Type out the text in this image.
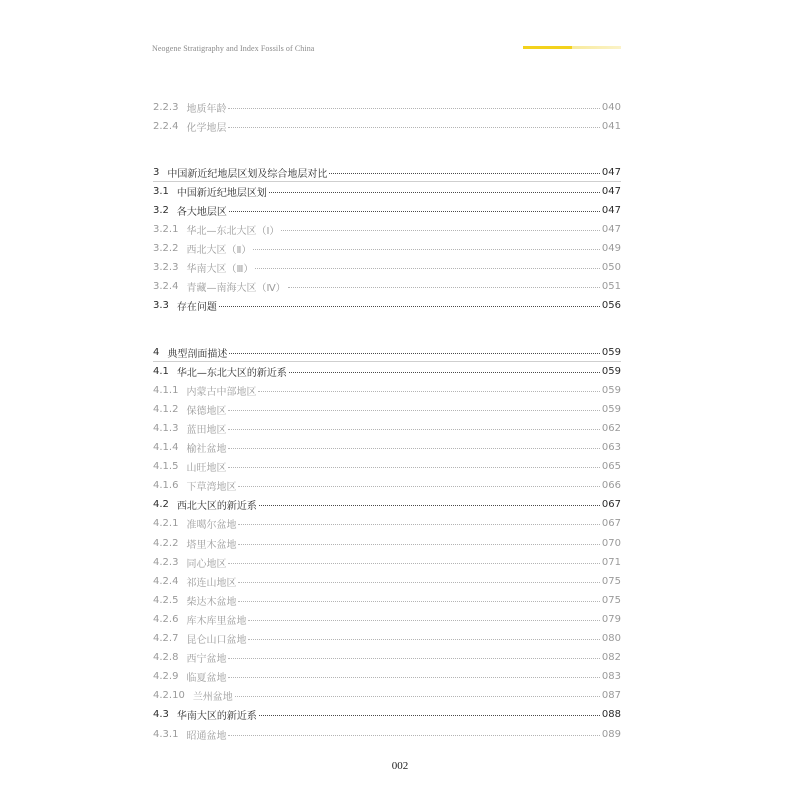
Neogene Stratigraphy and Index Fossils of China
2.2.3 地质年龄	040
2.2.4 化学地层	041
3 中国新近纪地层区划及综合地层对比	047
3.1 中国新近纪地层区划	047
3.2 各大地层区	047
3.2.1 华北—东北大区（Ⅰ）	047
3.2.2 西北大区（Ⅱ）	049
3.2.3 华南大区（Ⅲ）	050
3.2.4 青藏—南海大区（Ⅳ）	051
3.3 存在问题	056
4 典型剖面描述	059
4.1 华北—东北大区的新近系	059
4.1.1 内蒙古中部地区	059
4.1.2 保德地区	059
4.1.3 蓝田地区	062
4.1.4 榆社盆地	063
4.1.5 山旺地区	065
4.1.6 下草湾地区	066
4.2 西北大区的新近系	067
4.2.1 准噶尔盆地	067
4.2.2 塔里木盆地	070
4.2.3 同心地区	071
4.2.4 祁连山地区	075
4.2.5 柴达木盆地	075
4.2.6 库木库里盆地	079
4.2.7 昆仑山口盆地	080
4.2.8 西宁盆地	082
4.2.9 临夏盆地	083
4.2.10 兰州盆地	087
4.3 华南大区的新近系	088
4.3.1 昭通盆地	089
002
